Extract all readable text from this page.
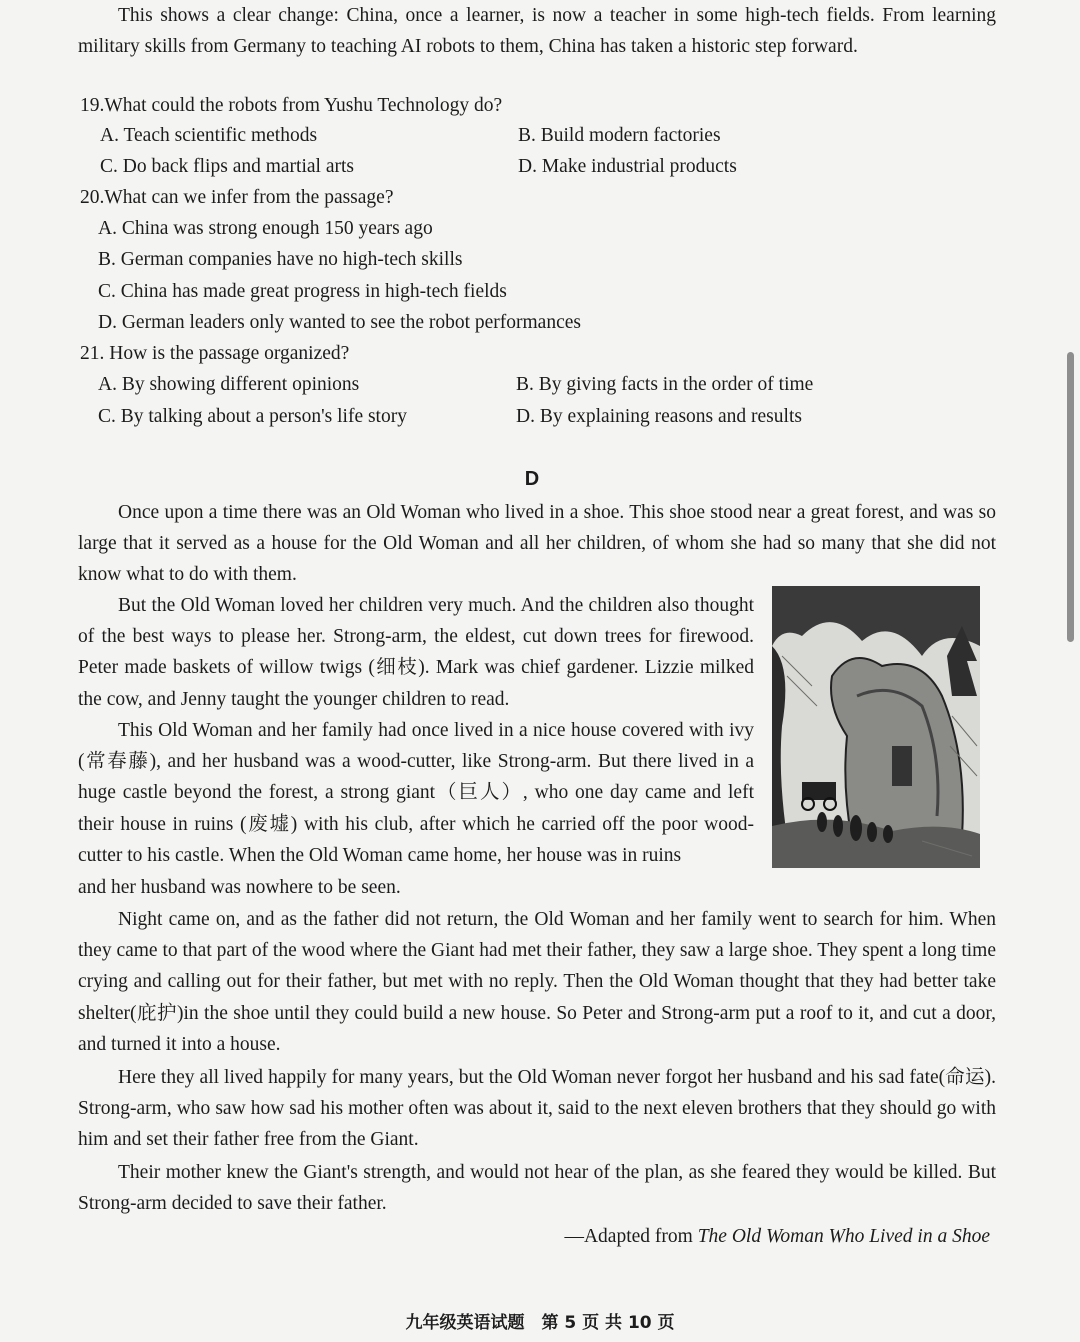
This shows a clear change: China, once a learner, is now a teacher in some high-tech fields. From learning military skills from Germany to teaching AI robots to them, China has taken a historic step forward.

19.What could the robots from Yushu Technology do?
A. Teach scientific methods	B. Build modern factories
C. Do back flips and martial arts	D. Make industrial products
20.What can we infer from the passage?
A. China was strong enough 150 years ago
B. German companies have no high-tech skills
C. China has made great progress in high-tech fields
D. German leaders only wanted to see the robot performances
21. How is the passage organized?
A. By showing different opinions	B. By giving facts in the order of time
C. By talking about a person's life story	D. By explaining reasons and results
D

Once upon a time there was an Old Woman who lived in a shoe. This shoe stood near a great forest, and was so large that it served as a house for the Old Woman and all her children, of whom she had so many that she did not know what to do with them.

But the Old Woman loved her children very much. And the children also thought of the best ways to please her. Strong-arm, the eldest, cut down trees for firewood. Peter made baskets of willow twigs (细枝). Mark was chief gardener. Lizzie milked the cow, and Jenny taught the younger children to read.

This Old Woman and her family had once lived in a nice house covered with ivy (常春藤), and her husband was a wood-cutter, like Strong-arm. But there lived in a huge castle beyond the forest, a strong giant（巨人）, who one day came and left their house in ruins (废墟) with his club, after which he carried off the poor wood-cutter to his castle. When the Old Woman came home, her house was in ruins

and her husband was nowhere to be seen.

Night came on, and as the father did not return, the Old Woman and her family went to search for him. When they came to that part of the wood where the Giant had met their father, they saw a large shoe. They spent a long time crying and calling out for their father, but met with no reply. Then the Old Woman thought that they had better take shelter(庇护)in the shoe until they could build a new house. So Peter and Strong-arm put a roof to it, and cut a door, and turned it into a house.

Here they all lived happily for many years, but the Old Woman never forgot her husband and his sad fate(命运). Strong-arm, who saw how sad his mother often was about it, said to the next eleven brothers that they should go with him and set their father free from the Giant.

Their mother knew the Giant's strength, and would not hear of the plan, as she feared they would be killed. But Strong-arm decided to save their father.

—Adapted from The Old Woman Who Lived in a Shoe
九年级英语试题　第 5 页 共 10 页
